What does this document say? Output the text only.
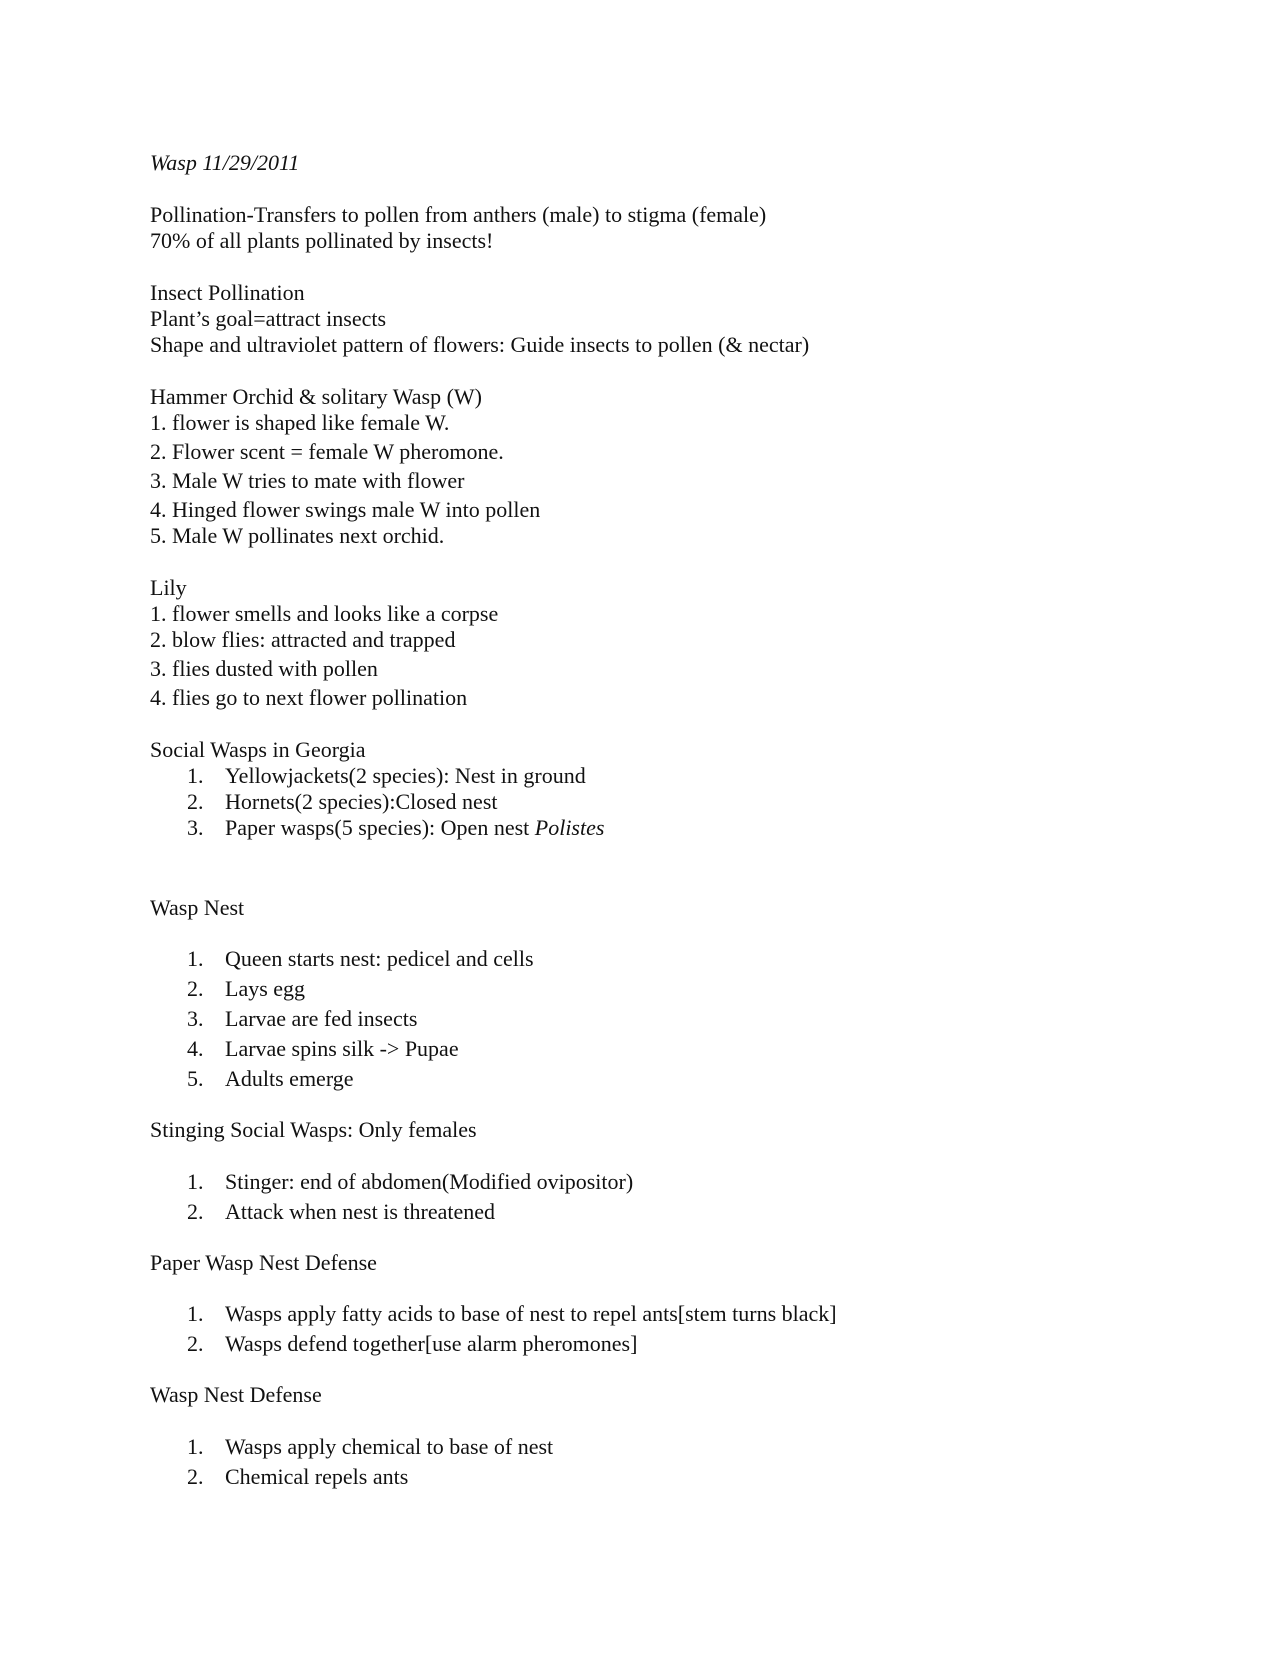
Wasp 11/29/2011
Pollination-Transfers to pollen from anthers (male) to stigma (female)
70% of all plants pollinated by insects!
Insect Pollination
Plant’s goal=attract insects
Shape and ultraviolet pattern of flowers: Guide insects to pollen (& nectar)
Hammer Orchid & solitary Wasp (W)
1. flower is shaped like female W.
2. Flower scent = female W pheromone.
3. Male W tries to mate with flower
4. Hinged flower swings male W into pollen
5. Male W pollinates next orchid.
Lily
1. flower smells and looks like a corpse
2. blow flies: attracted and trapped
3. flies dusted with pollen
4. flies go to next flower pollination
Social Wasps in Georgia
1. Yellowjackets(2 species): Nest in ground
2. Hornets(2 species):Closed nest
3. Paper wasps(5 species): Open nest Polistes
Wasp Nest
1. Queen starts nest: pedicel and cells
2. Lays egg
3. Larvae are fed insects
4. Larvae spins silk -> Pupae
5. Adults emerge
Stinging Social Wasps: Only females
1. Stinger: end of abdomen(Modified ovipositor)
2. Attack when nest is threatened
Paper Wasp Nest Defense
1. Wasps apply fatty acids to base of nest to repel ants[stem turns black]
2. Wasps defend together[use alarm pheromones]
Wasp Nest Defense
1. Wasps apply chemical to base of nest
2. Chemical repels ants
